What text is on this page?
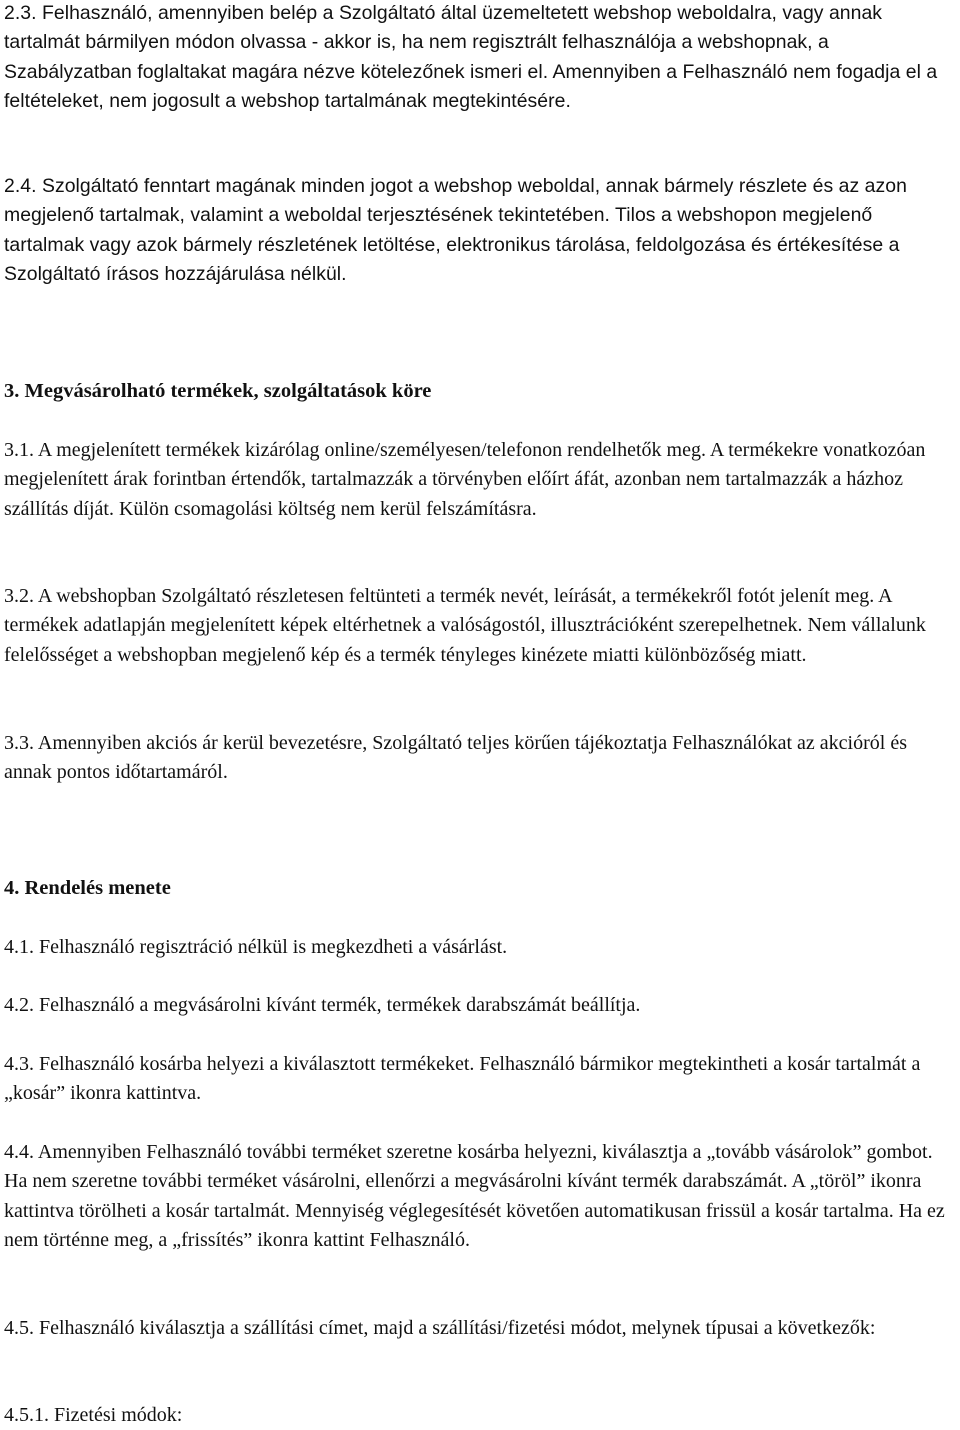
2.3. Felhasználó, amennyiben belép a Szolgáltató által üzemeltetett webshop weboldalra, vagy annak tartalmát bármilyen módon olvassa - akkor is, ha nem regisztrált felhasználója a webshopnak, a Szabályzatban foglaltakat magára nézve kötelezőnek ismeri el. Amennyiben a Felhasználó nem fogadja el a feltételeket, nem jogosult a webshop tartalmának megtekintésére.

2.4. Szolgáltató fenntart magának minden jogot a webshop weboldal, annak bármely részlete és az azon megjelenő tartalmak, valamint a weboldal terjesztésének tekintetében. Tilos a webshopon megjelenő tartalmak vagy azok bármely részletének letöltése, elektronikus tárolása, feldolgozása és értékesítése a Szolgáltató írásos hozzájárulása nélkül.

3. Megvásárolható termékek, szolgáltatások köre

3.1. A megjelenített termékek kizárólag online/személyesen/telefonon rendelhetők meg. A termékekre vonatkozóan megjelenített árak forintban értendők, tartalmazzák a törvényben előírt áfát, azonban nem tartalmazzák a házhoz szállítás díját. Külön csomagolási költség nem kerül felszámításra.

3.2. A webshopban Szolgáltató részletesen feltünteti a termék nevét, leírását, a termékekről fotót jelenít meg. A termékek adatlapján megjelenített képek eltérhetnek a valóságostól, illusztrációként szerepelhetnek. Nem vállalunk felelősséget a webshopban megjelenő kép és a termék tényleges kinézete miatti különbözőség miatt.

3.3. Amennyiben akciós ár kerül bevezetésre, Szolgáltató teljes körűen tájékoztatja Felhasználókat az akcióról és annak pontos időtartamáról.

4. Rendelés menete

4.1. Felhasználó regisztráció nélkül is megkezdheti a vásárlást.

4.2. Felhasználó a megvásárolni kívánt termék, termékek darabszámát beállítja.

4.3. Felhasználó kosárba helyezi a kiválasztott termékeket. Felhasználó bármikor megtekintheti a kosár tartalmát a „kosár” ikonra kattintva.

4.4. Amennyiben Felhasználó további terméket szeretne kosárba helyezni, kiválasztja a „tovább vásárolok” gombot. Ha nem szeretne további terméket vásárolni, ellenőrzi a megvásárolni kívánt termék darabszámát. A „töröl” ikonra kattintva törölheti a kosár tartalmát. Mennyiség véglegesítését követően automatikusan frissül a kosár tartalma. Ha ez nem történne meg, a „frissítés” ikonra kattint Felhasználó.

4.5. Felhasználó kiválasztja a szállítási címet, majd a szállítási/fizetési módot, melynek típusai a következők:

4.5.1. Fizetési módok:
